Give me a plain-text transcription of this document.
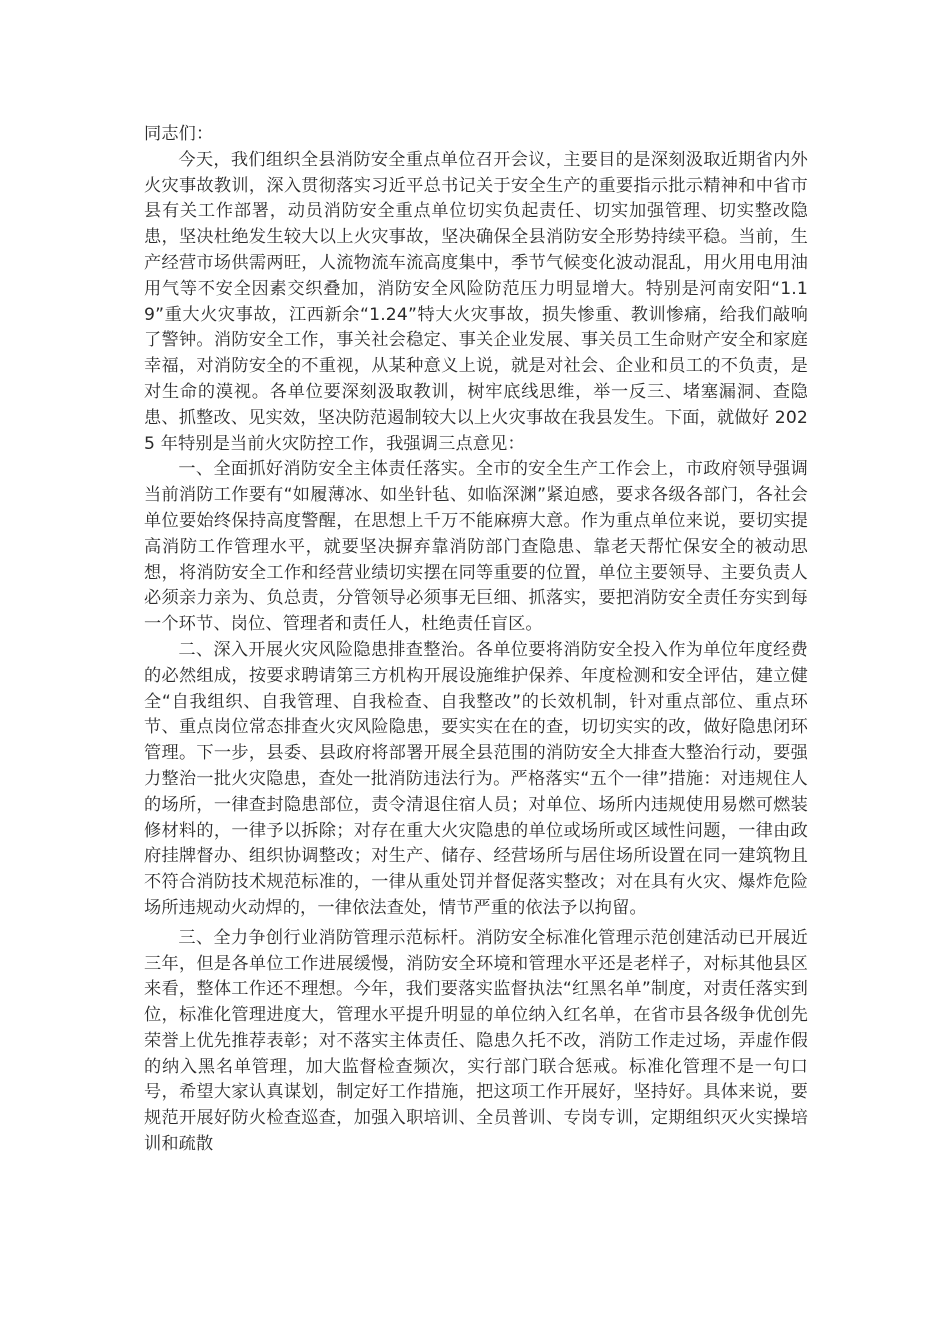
同志们：

今天，我们组织全县消防安全重点单位召开会议，主要目的是深刻汲取近期省内外火灾事故教训，深入贯彻落实习近平总书记关于安全生产的重要指示批示精神和中省市县有关工作部署，动员消防安全重点单位切实负起责任、切实加强管理、切实整改隐患，坚决杜绝发生较大以上火灾事故，坚决确保全县消防安全形势持续平稳。当前，生产经营市场供需两旺，人流物流车流高度集中，季节气候变化波动混乱，用火用电用油用气等不安全因素交织叠加，消防安全风险防范压力明显增大。特别是河南安阳“1.19”重大火灾事故，江西新余“1.24”特大火灾事故，损失惨重、教训惨痛，给我们敲响了警钟。消防安全工作，事关社会稳定、事关企业发展、事关员工生命财产安全和家庭幸福，对消防安全的不重视，从某种意义上说，就是对社会、企业和员工的不负责，是对生命的漠视。各单位要深刻汲取教训，树牢底线思维，举一反三、堵塞漏洞、查隐患、抓整改、见实效，坚决防范遏制较大以上火灾事故在我县发生。下面，就做好 2025 年特别是当前火灾防控工作，我强调三点意见：

一、全面抓好消防安全主体责任落实。全市的安全生产工作会上，市政府领导强调当前消防工作要有“如履薄冰、如坐针毡、如临深渊”紧迫感，要求各级各部门，各社会单位要始终保持高度警醒，在思想上千万不能麻痹大意。作为重点单位来说，要切实提高消防工作管理水平，就要坚决摒弃靠消防部门查隐患、靠老天帮忙保安全的被动思想，将消防安全工作和经营业绩切实摆在同等重要的位置，单位主要领导、主要负责人必须亲力亲为、负总责，分管领导必须事无巨细、抓落实，要把消防安全责任夯实到每一个环节、岗位、管理者和责任人，杜绝责任盲区。

二、深入开展火灾风险隐患排查整治。各单位要将消防安全投入作为单位年度经费的必然组成，按要求聘请第三方机构开展设施维护保养、年度检测和安全评估，建立健全“自我组织、自我管理、自我检查、自我整改”的长效机制，针对重点部位、重点环节、重点岗位常态排查火灾风险隐患，要实实在在的查，切切实实的改，做好隐患闭环管理。下一步，县委、县政府将部署开展全县范围的消防安全大排查大整治行动，要强力整治一批火灾隐患，查处一批消防违法行为。严格落实“五个一律”措施：对违规住人的场所，一律查封隐患部位，责令清退住宿人员；对单位、场所内违规使用易燃可燃装修材料的，一律予以拆除；对存在重大火灾隐患的单位或场所或区域性问题，一律由政府挂牌督办、组织协调整改；对生产、储存、经营场所与居住场所设置在同一建筑物且不符合消防技术规范标准的，一律从重处罚并督促落实整改；对在具有火灾、爆炸危险场所违规动火动焊的，一律依法查处，情节严重的依法予以拘留。

三、全力争创行业消防管理示范标杆。消防安全标准化管理示范创建活动已开展近三年，但是各单位工作进展缓慢，消防安全环境和管理水平还是老样子，对标其他县区来看，整体工作还不理想。今年，我们要落实监督执法“红黑名单”制度，对责任落实到位，标准化管理进度大，管理水平提升明显的单位纳入红名单，在省市县各级争优创先荣誉上优先推荐表彰；对不落实主体责任、隐患久托不改，消防工作走过场，弄虚作假的纳入黑名单管理，加大监督检查频次，实行部门联合惩戒。标准化管理不是一句口号，希望大家认真谋划，制定好工作措施，把这项工作开展好，坚持好。具体来说，要规范开展好防火检查巡查，加强入职培训、全员普训、专岗专训，定期组织灭火实操培训和疏散
